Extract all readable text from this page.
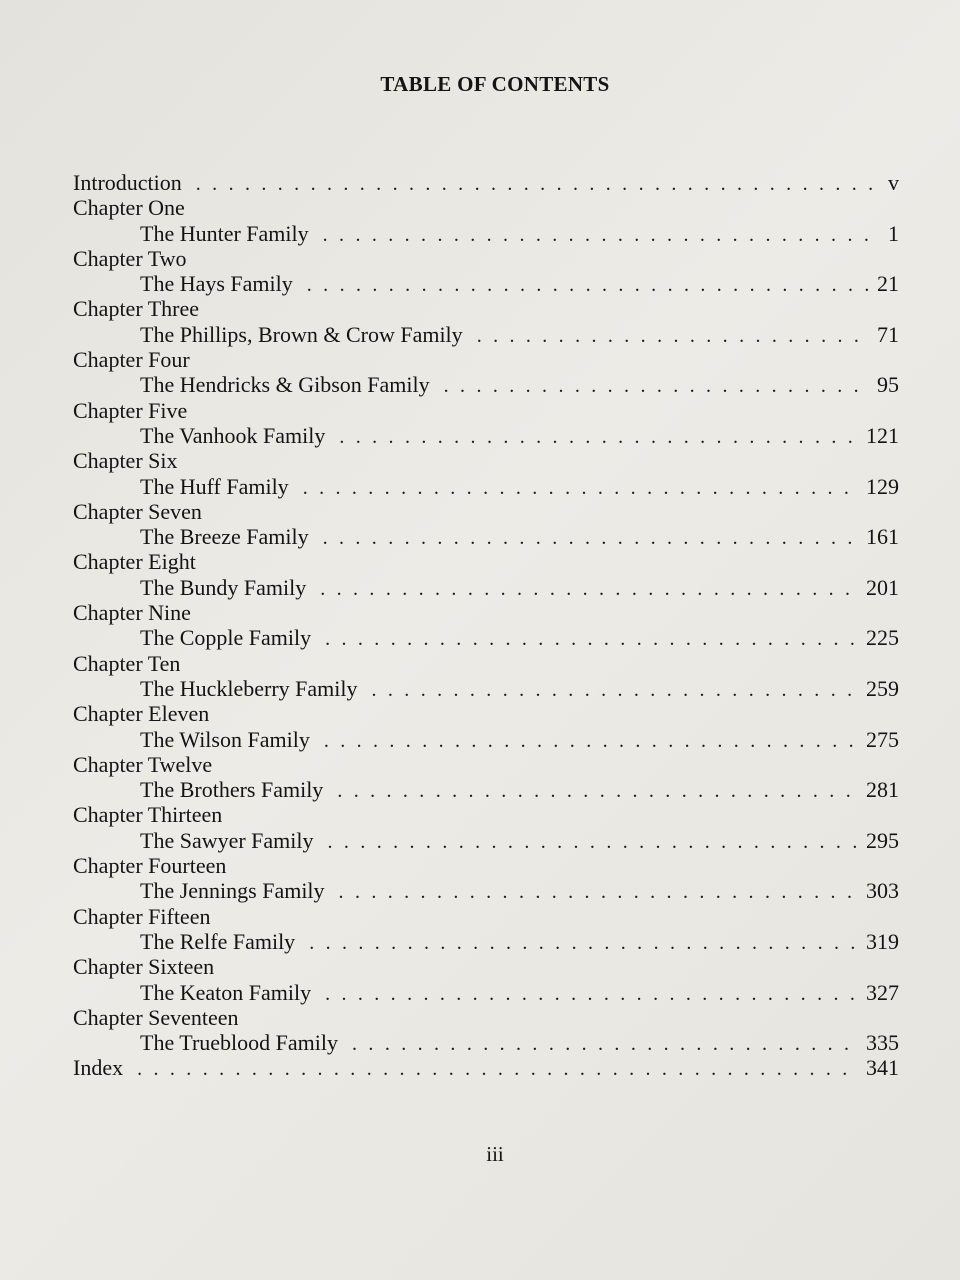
TABLE OF CONTENTS
Introduction . . .	v
Chapter One
The Hunter Family . . .	1
Chapter Two
The Hays Family . . .	21
Chapter Three
The Phillips, Brown & Crow Family . . .	71
Chapter Four
The Hendricks & Gibson Family . . .	95
Chapter Five
The Vanhook Family . . .	121
Chapter Six
The Huff Family . . .	129
Chapter Seven
The Breeze Family . . .	161
Chapter Eight
The Bundy Family . . .	201
Chapter Nine
The Copple Family . . .	225
Chapter Ten
The Huckleberry Family . . .	259
Chapter Eleven
The Wilson Family . . .	275
Chapter Twelve
The Brothers Family . . .	281
Chapter Thirteen
The Sawyer Family . . .	295
Chapter Fourteen
The Jennings Family . . .	303
Chapter Fifteen
The Relfe Family . . .	319
Chapter Sixteen
The Keaton Family . . .	327
Chapter Seventeen
The Trueblood Family . . .	335
Index . . .	341
iii
